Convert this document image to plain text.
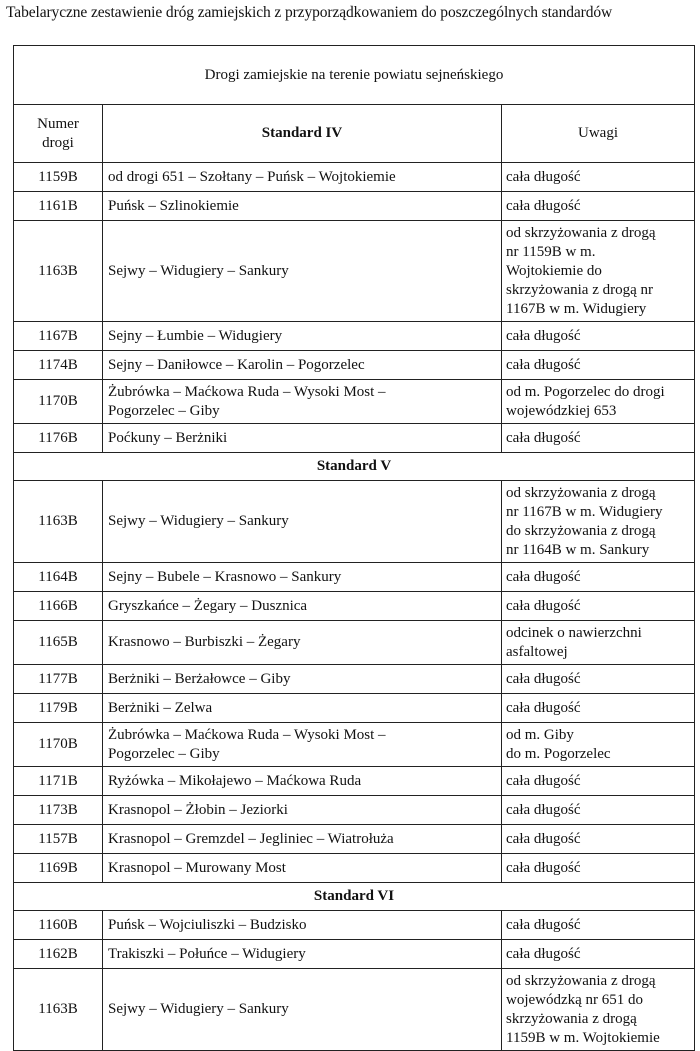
Tabelaryczne zestawienie dróg zamiejskich z przyporządkowaniem do poszczególnych standardów
Drogi zamiejskie na terenie powiatu sejneńskiego		
Numer
drogi	Standard IV	Uwagi
1159B	od drogi 651 – Szołtany – Puńsk – Wojtokiemie	cała długość
1161B	Puńsk – Szlinokiemie	cała długość
1163B	Sejwy – Widugiery – Sankury	od skrzyżowania z drogą
nr 1159B w m.
Wojtokiemie do
skrzyżowania z drogą nr
1167B w m. Widugiery
1167B	Sejny – Łumbie – Widugiery	cała długość
1174B	Sejny – Daniłowce – Karolin – Pogorzelec	cała długość
1170B	Żubrówka – Maćkowa Ruda – Wysoki Most –
Pogorzelec – Giby	od m. Pogorzelec do drogi
wojewódzkiej 653
1176B	Poćkuny – Berżniki	cała długość
Standard V		
1163B	Sejwy – Widugiery – Sankury	od skrzyżowania z drogą
nr 1167B w m. Widugiery
do skrzyżowania z drogą
nr 1164B w m. Sankury
1164B	Sejny – Bubele – Krasnowo – Sankury	cała długość
1166B	Gryszkańce – Żegary – Dusznica	cała długość
1165B	Krasnowo – Burbiszki – Żegary	odcinek o nawierzchni
asfaltowej
1177B	Berżniki – Berżałowce – Giby	cała długość
1179B	Berżniki – Zelwa	cała długość
1170B	Żubrówka – Maćkowa Ruda – Wysoki Most –
Pogorzelec – Giby	od m. Giby
do m. Pogorzelec
1171B	Ryżówka – Mikołajewo – Maćkowa Ruda	cała długość
1173B	Krasnopol – Żłobin – Jeziorki	cała długość
1157B	Krasnopol – Gremzdel – Jegliniec – Wiatrołuża	cała długość
1169B	Krasnopol – Murowany Most	cała długość
Standard VI		
1160B	Puńsk – Wojciuliszki – Budzisko	cała długość
1162B	Trakiszki – Połuńce – Widugiery	cała długość
1163B	Sejwy – Widugiery – Sankury	od skrzyżowania z drogą
wojewódzką nr 651 do
skrzyżowania z drogą
1159B w m. Wojtokiemie
